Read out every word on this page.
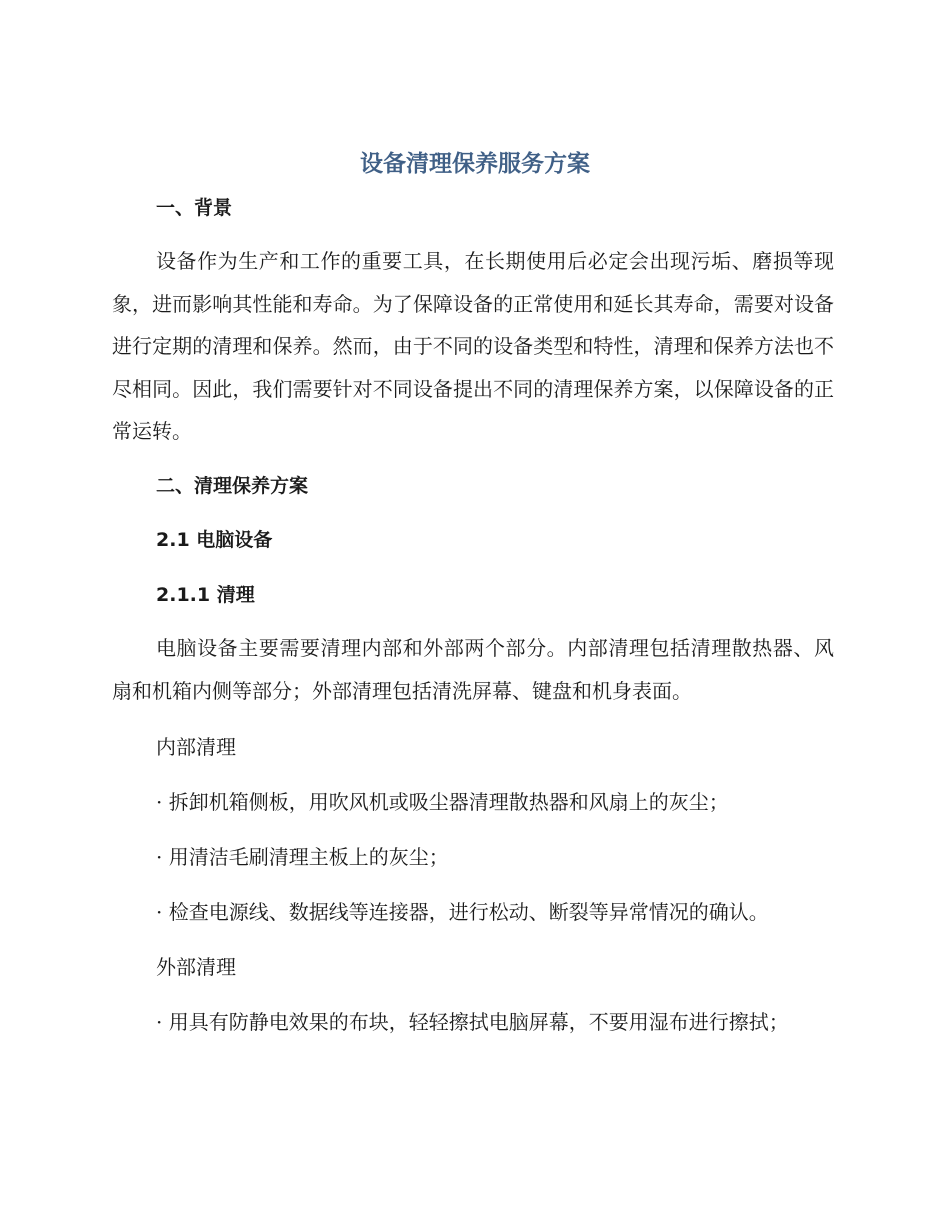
设备清理保养服务方案
一、背景

设备作为生产和工作的重要工具，在长期使用后必定会出现污垢、磨损等现象，进而影响其性能和寿命。为了保障设备的正常使用和延长其寿命，需要对设备进行定期的清理和保养。然而，由于不同的设备类型和特性，清理和保养方法也不尽相同。因此，我们需要针对不同设备提出不同的清理保养方案，以保障设备的正常运转。

二、清理保养方案
2.1 电脑设备
2.1.1 清理

电脑设备主要需要清理内部和外部两个部分。内部清理包括清理散热器、风扇和机箱内侧等部分；外部清理包括清洗屏幕、键盘和机身表面。

内部清理
· 拆卸机箱侧板，用吹风机或吸尘器清理散热器和风扇上的灰尘；
· 用清洁毛刷清理主板上的灰尘；
· 检查电源线、数据线等连接器，进行松动、断裂等异常情况的确认。
外部清理

· 用具有防静电效果的布块，轻轻擦拭电脑屏幕，不要用湿布进行擦拭；
